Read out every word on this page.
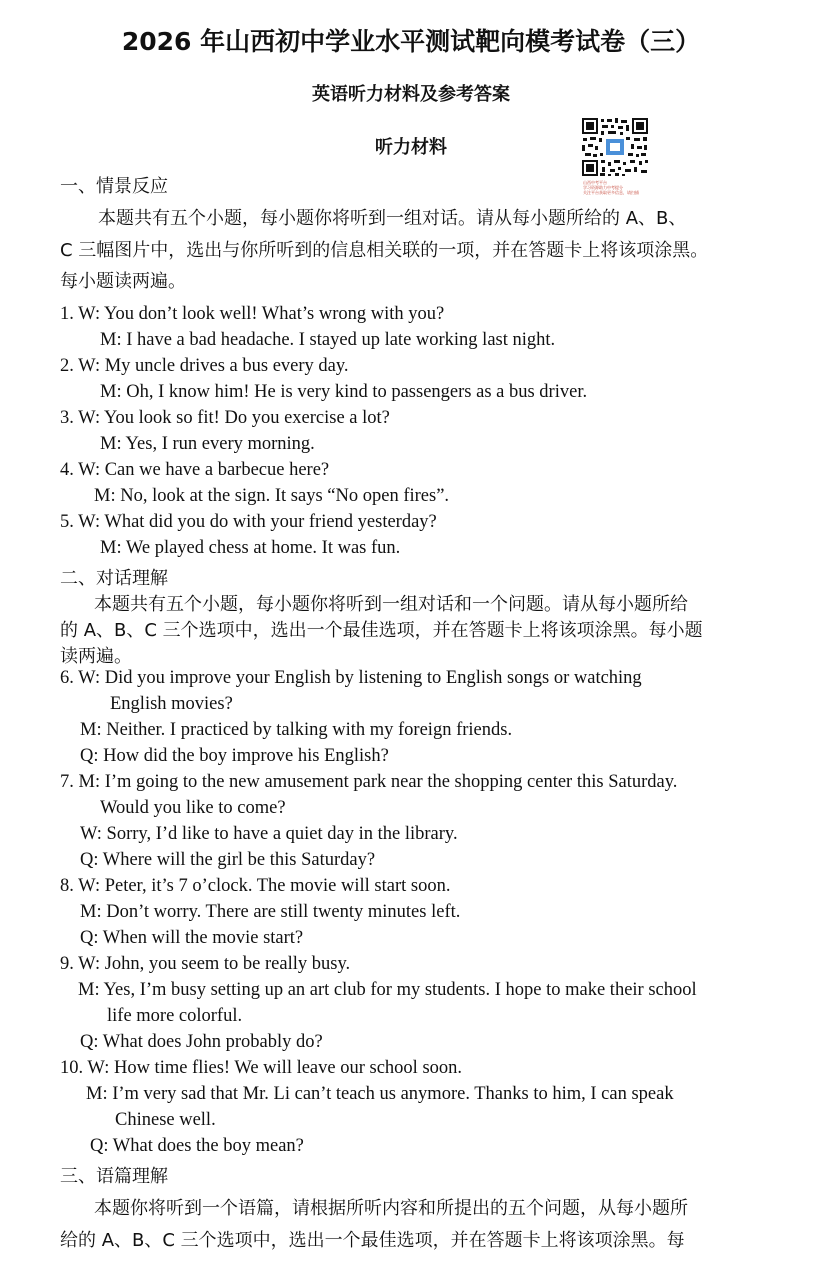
2026 年山西初中学业水平测试靶向模考试卷（三）
英语听力材料及参考答案
听力材料
山西中考平台
学习资源助力中考提分
关注平台获取更多信息，请扫描
一、情景反应
本题共有五个小题，每小题你将听到一组对话。请从每小题所给的 A、B、
C 三幅图片中，选出与你所听到的信息相关联的一项，并在答题卡上将该项涂黑。
每小题读两遍。
1. W: You don’t look well! What’s wrong with you?
M: I have a bad headache. I stayed up late working last night.
2. W: My uncle drives a bus every day.
M: Oh, I know him! He is very kind to passengers as a bus driver.
3. W: You look so fit! Do you exercise a lot?
M: Yes, I run every morning.
4. W: Can we have a barbecue here?
M: No, look at the sign. It says “No open fires”.
5. W: What did you do with your friend yesterday?
M: We played chess at home. It was fun.
二、对话理解
本题共有五个小题，每小题你将听到一组对话和一个问题。请从每小题所给
的 A、B、C 三个选项中，选出一个最佳选项，并在答题卡上将该项涂黑。每小题
读两遍。
6. W: Did you improve your English by listening to English songs or watching
English movies?
M: Neither. I practiced by talking with my foreign friends.
Q: How did the boy improve his English?
7. M: I’m going to the new amusement park near the shopping center this Saturday.
Would you like to come?
W: Sorry, I’d like to have a quiet day in the library.
Q: Where will the girl be this Saturday?
8. W: Peter, it’s 7 o’clock. The movie will start soon.
M: Don’t worry. There are still twenty minutes left.
Q: When will the movie start?
9. W: John, you seem to be really busy.
M: Yes, I’m busy setting up an art club for my students. I hope to make their school
life more colorful.
Q: What does John probably do?
10. W: How time flies! We will leave our school soon.
M: I’m very sad that Mr. Li can’t teach us anymore. Thanks to him, I can speak
Chinese well.
Q: What does the boy mean?
三、语篇理解
本题你将听到一个语篇，请根据所听内容和所提出的五个问题，从每小题所
给的 A、B、C 三个选项中，选出一个最佳选项，并在答题卡上将该项涂黑。每
